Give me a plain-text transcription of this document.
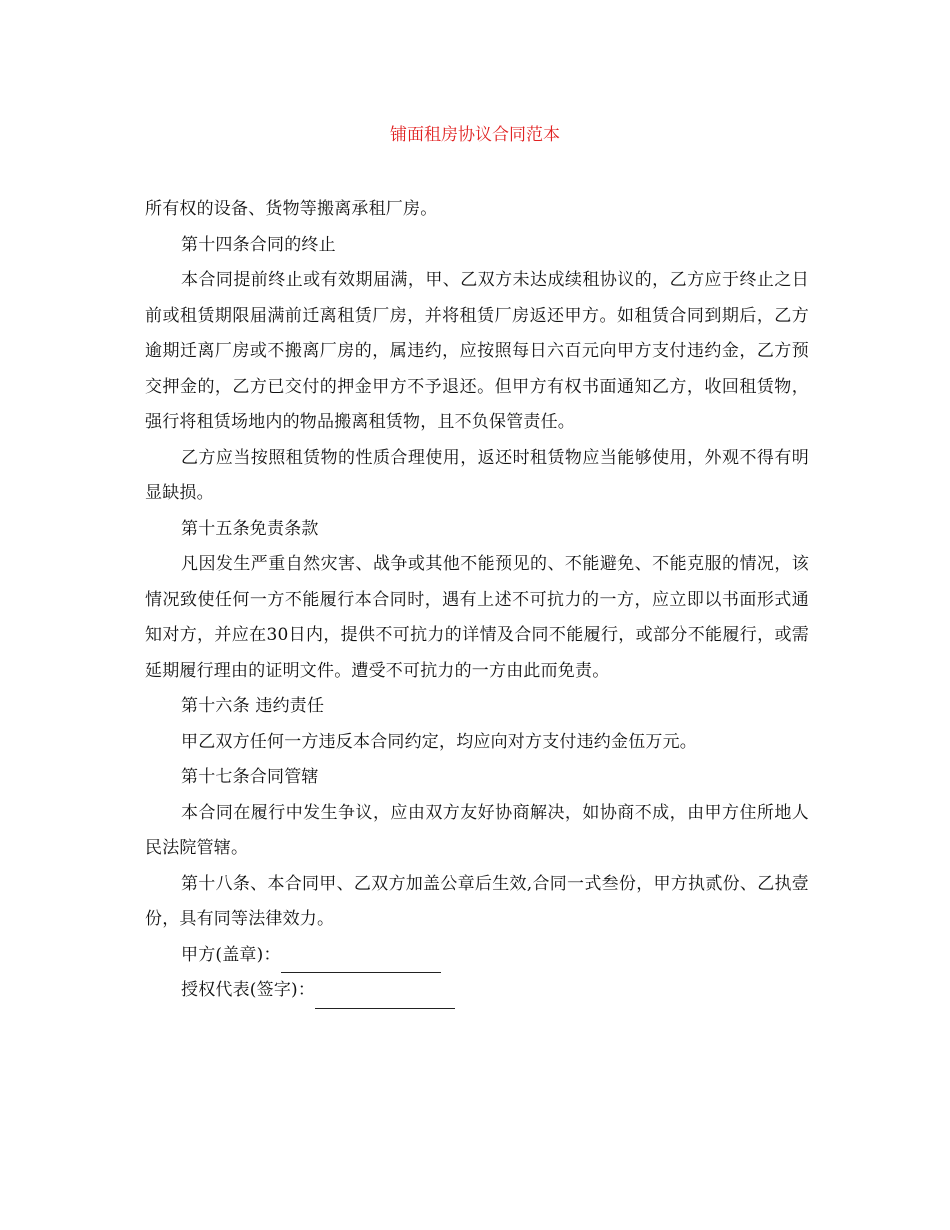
铺面租房协议合同范本

所有权的设备、货物等搬离承租厂房。

第十四条合同的终止

本合同提前终止或有效期届满，甲、乙双方未达成续租协议的，乙方应于终止之日前或租赁期限届满前迁离租赁厂房，并将租赁厂房返还甲方。如租赁合同到期后，乙方逾期迁离厂房或不搬离厂房的，属违约，应按照每日六百元向甲方支付违约金，乙方预交押金的，乙方已交付的押金甲方不予退还。但甲方有权书面通知乙方，收回租赁物，强行将租赁场地内的物品搬离租赁物，且不负保管责任。

乙方应当按照租赁物的性质合理使用，返还时租赁物应当能够使用，外观不得有明显缺损。

第十五条免责条款

凡因发生严重自然灾害、战争或其他不能预见的、不能避免、不能克服的情况，该情况致使任何一方不能履行本合同时，遇有上述不可抗力的一方，应立即以书面形式通知对方，并应在30日内，提供不可抗力的详情及合同不能履行，或部分不能履行，或需延期履行理由的证明文件。遭受不可抗力的一方由此而免责。

第十六条 违约责任

甲乙双方任何一方违反本合同约定，均应向对方支付违约金伍万元。

第十七条合同管辖

本合同在履行中发生争议，应由双方友好协商解决，如协商不成，由甲方住所地人民法院管辖。

第十八条、本合同甲、乙双方加盖公章后生效,合同一式叁份，甲方执贰份、乙执壹份，具有同等法律效力。

甲方(盖章)：

授权代表(签字)：
